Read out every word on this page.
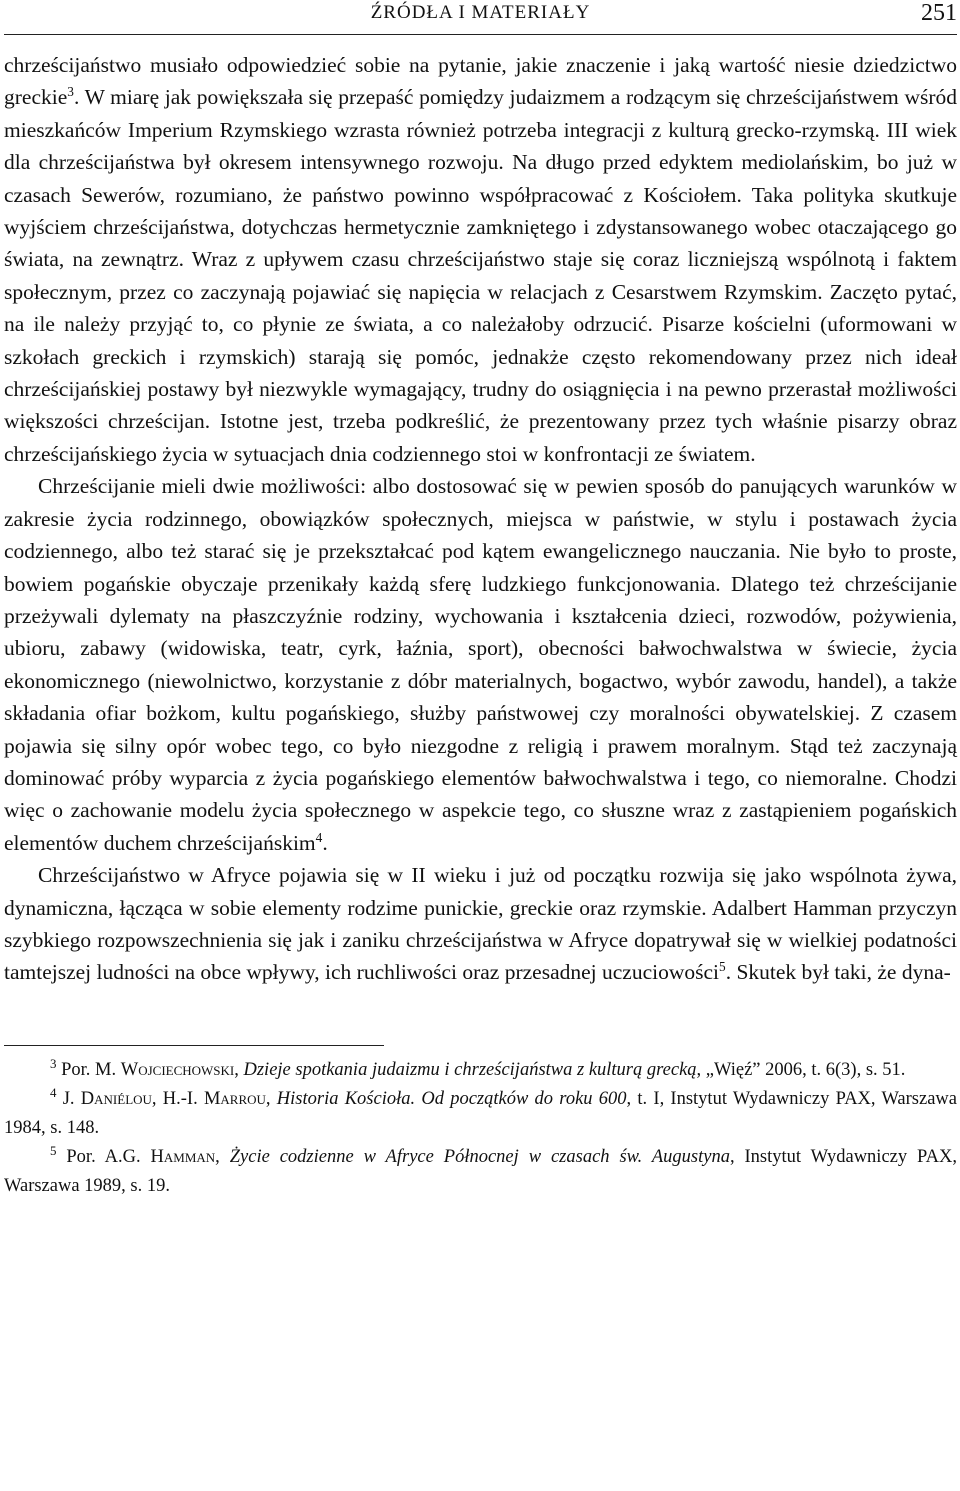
ŹRÓDŁA I MATERIAŁY	251

chrześcijaństwo musiało odpowiedzieć sobie na pytanie, jakie znaczenie i jaką wartość niesie dziedzictwo greckie$^3$. W miarę jak powiększała się przepaść pomiędzy judaizmem a rodzącym się chrześcijaństwem wśród mieszkańców Imperium Rzymskiego wzrasta również potrzeba integracji z kulturą grecko-rzymską. III wiek dla chrześcijaństwa był okresem intensywnego rozwoju. Na długo przed edyktem mediolańskim, bo już w czasach Sewerów, rozumiano, że państwo powinno współpracować z Kościołem. Taka polityka skutkuje wyjściem chrześcijaństwa, dotychczas hermetycznie zamkniętego i zdystansowanego wobec otaczającego go świata, na zewnątrz. Wraz z upływem czasu chrześcijaństwo staje się coraz liczniejszą wspólnotą i faktem społecznym, przez co zaczynają pojawiać się napięcia w relacjach z Cesarstwem Rzymskim. Zaczęto pytać, na ile należy przyjąć to, co płynie ze świata, a co należałoby odrzucić. Pisarze kościelni (uformowani w szkołach greckich i rzymskich) starają się pomóc, jednakże często rekomendowany przez nich ideał chrześcijańskiej postawy był niezwykle wymagający, trudny do osiągnięcia i na pewno przerastał możliwości większości chrześcijan. Istotne jest, trzeba podkreślić, że prezentowany przez tych właśnie pisarzy obraz chrześcijańskiego życia w sytuacjach dnia codziennego stoi w konfrontacji ze światem.

Chrześcijanie mieli dwie możliwości: albo dostosować się w pewien sposób do panujących warunków w zakresie życia rodzinnego, obowiązków społecznych, miejsca w państwie, w stylu i postawach życia codziennego, albo też starać się je przekształcać pod kątem ewangelicznego nauczania. Nie było to proste, bowiem pogańskie obyczaje przenikały każdą sferę ludzkiego funkcjonowania. Dlatego też chrześcijanie przeżywali dylematy na płaszczyźnie rodziny, wychowania i kształcenia dzieci, rozwodów, pożywienia, ubioru, zabawy (widowiska, teatr, cyrk, łaźnia, sport), obecności bałwochwalstwa w świecie, życia ekonomicznego (niewolnictwo, korzystanie z dóbr materialnych, bogactwo, wybór zawodu, handel), a także składania ofiar bożkom, kultu pogańskiego, służby państwowej czy moralności obywatelskiej. Z czasem pojawia się silny opór wobec tego, co było niezgodne z religią i prawem moralnym. Stąd też zaczynają dominować próby wyparcia z życia pogańskiego elementów bałwochwalstwa i tego, co niemoralne. Chodzi więc o zachowanie modelu życia społecznego w aspekcie tego, co słuszne wraz z zastąpieniem pogańskich elementów duchem chrześcijańskim$^4$.

Chrześcijaństwo w Afryce pojawia się w II wieku i już od początku rozwija się jako wspólnota żywa, dynamiczna, łącząca w sobie elementy rodzime punickie, greckie oraz rzymskie. Adalbert Hamman przyczyn szybkiego rozpowszechnienia się jak i zaniku chrześcijaństwa w Afryce dopatrywał się w wielkiej podatności tamtejszej ludności na obce wpływy, ich ruchliwości oraz przesadnej uczuciowości$^5$. Skutek był taki, że dyna-

$^3$ Por. M. Wojciechowski, Dzieje spotkania judaizmu i chrześcijaństwa z kulturą grecką, „Więź” 2006, t. 6(3), s. 51.

$^4$ J. Daniélou, H.-I. Marrou, Historia Kościoła. Od początków do roku 600, t. I, Instytut Wydawniczy PAX, Warszawa 1984, s. 148.

$^5$ Por. A.G. Hamman, Życie codzienne w Afryce Północnej w czasach św. Augustyna, Instytut Wydawniczy PAX, Warszawa 1989, s. 19.
